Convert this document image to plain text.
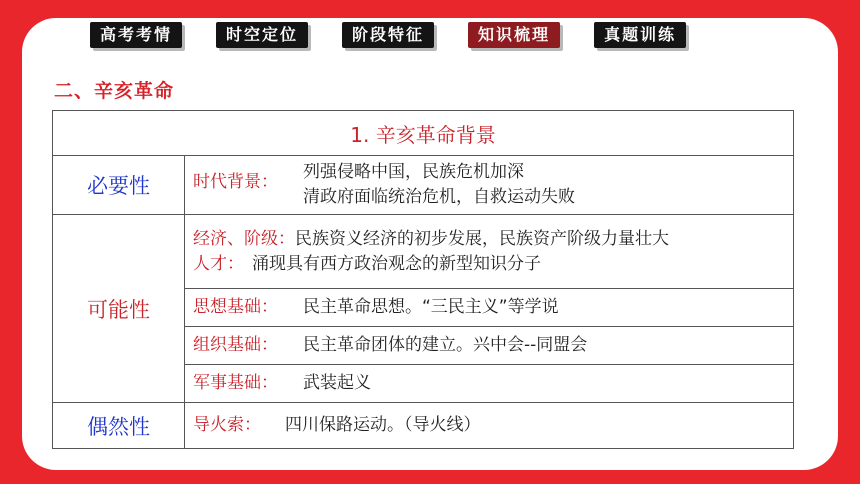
高考考情	时空定位	阶段特征	知识梳理	真题训练
二、辛亥革命
1. 辛亥革命背景	
必要性	时代背景： 列强侵略中国，民族危机加深
清政府面临统治危机，自救运动失败

可能性	经济、阶级：民族资义经济的初步发展，民族资产阶级力量壮大
人才： 涌现具有西方政治观念的新型知识分子

	思想基础： 民主革命思想。“三民主义”等学说

	组织基础： 民主革命团体的建立。兴中会--同盟会

	军事基础： 武装起义

偶然性	导火索： 四川保路运动。（导火线）
